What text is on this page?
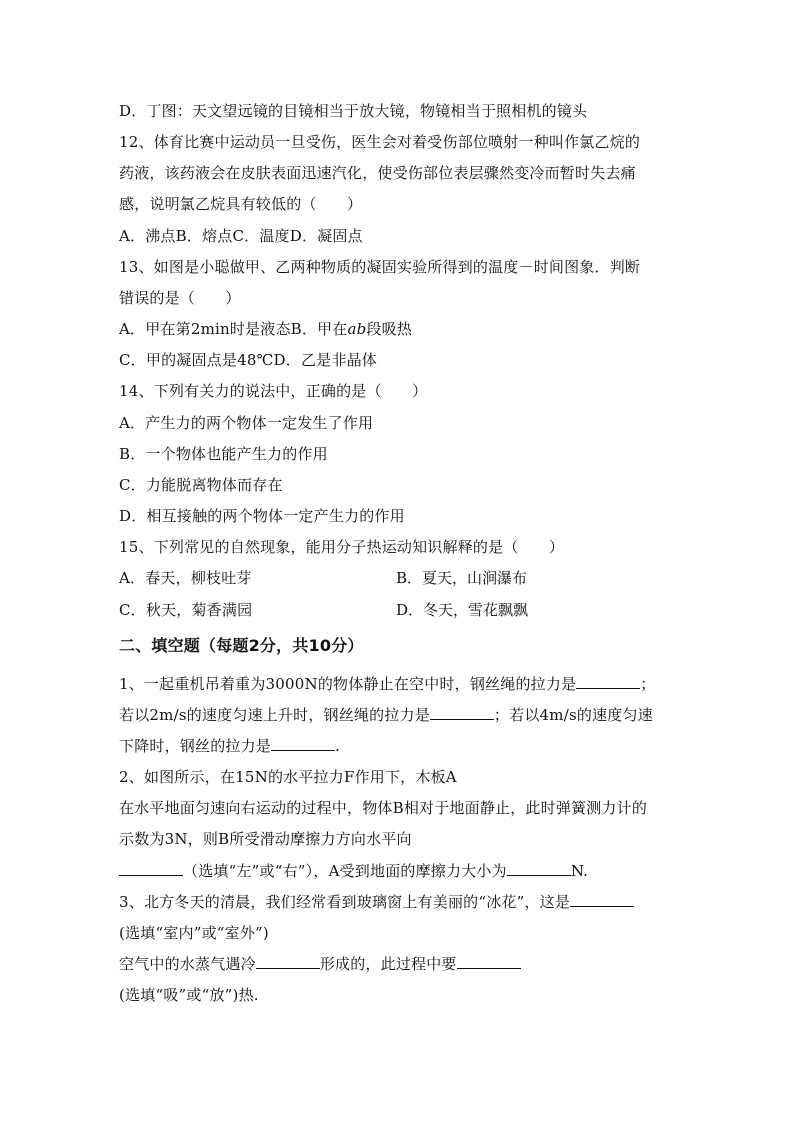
D．丁图：天文望远镜的目镜相当于放大镜，物镜相当于照相机的镜头
12、体育比赛中运动员一旦受伤，医生会对着受伤部位喷射一种叫作氯乙烷的
药液，该药液会在皮肤表面迅速汽化，使受伤部位表层骤然变冷而暂时失去痛
感，说明氯乙烷具有较低的（　　）
A．沸点B．熔点C．温度D．凝固点
13、如图是小聪做甲、乙两种物质的凝固实验所得到的温度－时间图象．判断
错误的是（　　）
A．甲在第2min时是液态B．甲在ab段吸热
C．甲的凝固点是48℃D．乙是非晶体
14、下列有关力的说法中，正确的是（　　）
A．产生力的两个物体一定发生了作用
B．一个物体也能产生力的作用
C．力能脱离物体而存在
D．相互接触的两个物体一定产生力的作用
15、下列常见的自然现象，能用分子热运动知识解释的是（　　）
A．春天，柳枝吐芽	B．夏天，山涧瀑布
C．秋天，菊香满园	D．冬天，雪花飘飘
二、填空题（每题2分，共10分）
1、一起重机吊着重为3000N的物体静止在空中时，钢丝绳的拉力是	；
若以2m/s的速度匀速上升时，钢丝绳的拉力是	；若以4m/s的速度匀速
下降时，钢丝的拉力是	.
2、如图所示，在15N的水平拉力F作用下，木板A
在水平地面匀速向右运动的过程中，物体B相对于地面静止，此时弹簧测力计的
示数为3N，则B所受滑动摩擦力方向水平向
（选填“左”或“右”），A受到地面的摩擦力大小为	N.
3、北方冬天的清晨，我们经常看到玻璃窗上有美丽的“冰花”，这是
(选填“室内”或“室外”)
空气中的水蒸气遇冷	形成的，此过程中要
(选填“吸”或“放”)热.
